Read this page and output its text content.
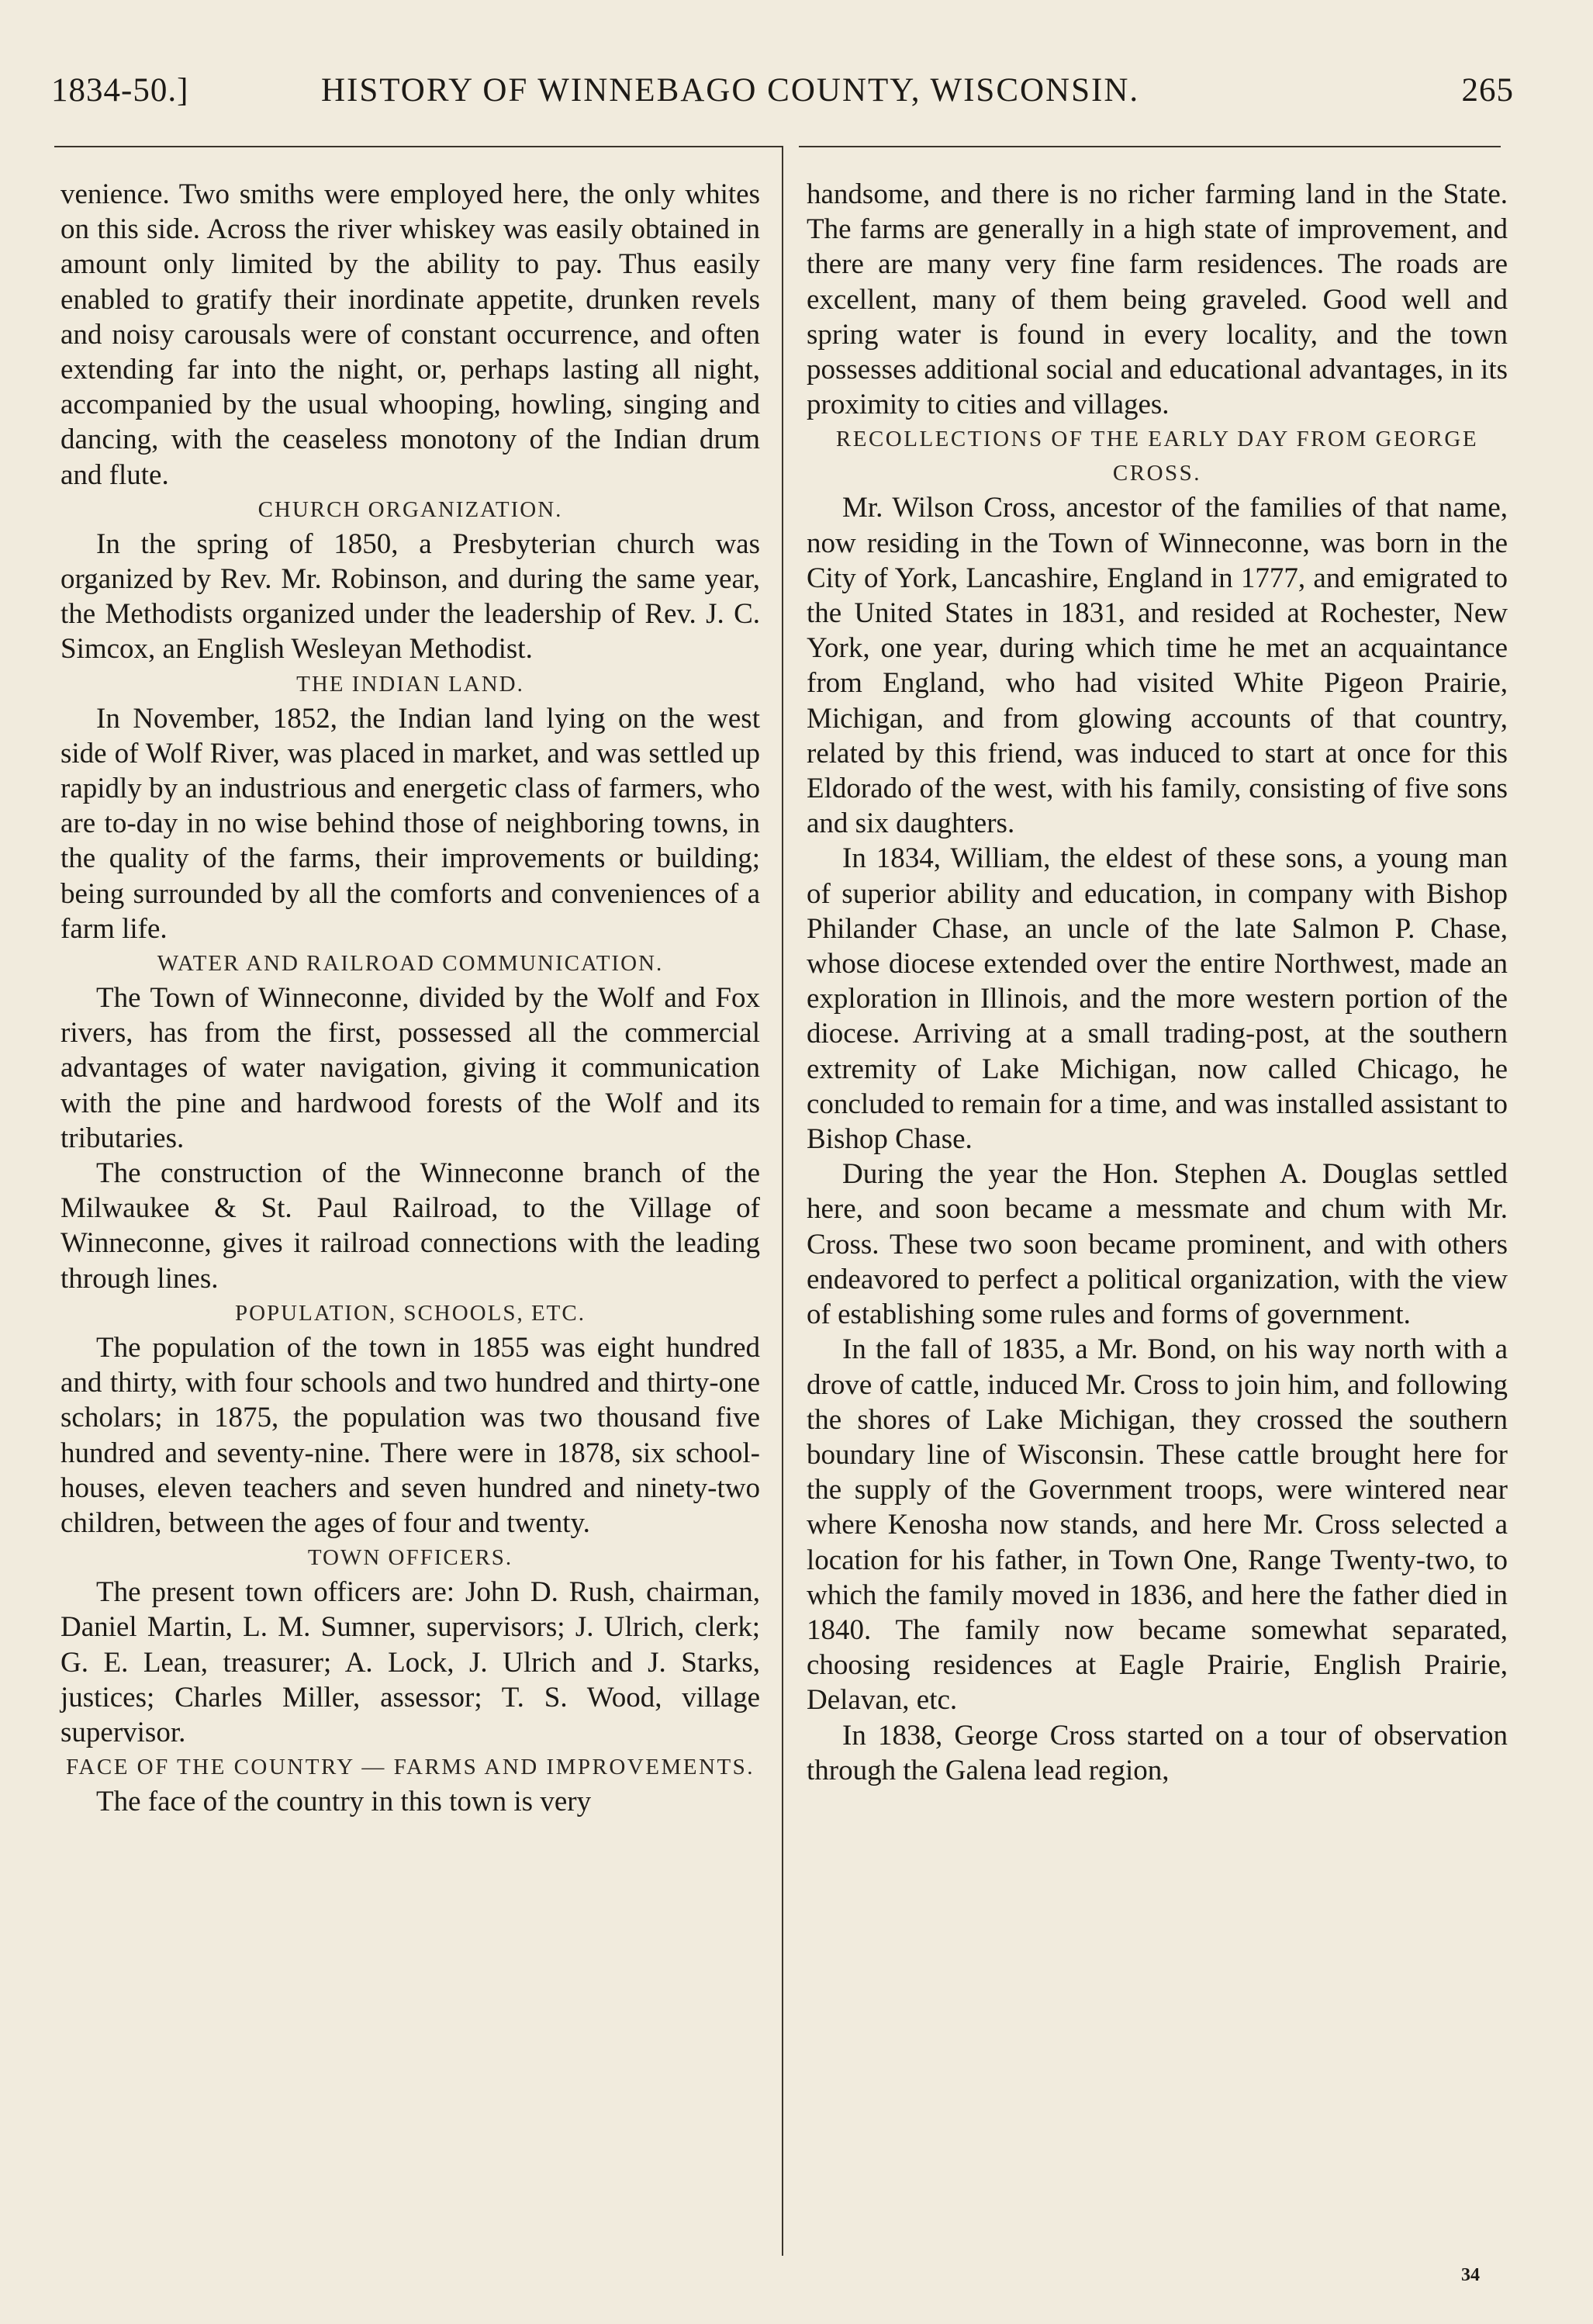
1834-50.]	HISTORY OF WINNEBAGO COUNTY, WISCONSIN.	265

venience. Two smiths were employed here, the only whites on this side. Across the river whiskey was easily obtained in amount only limited by the ability to pay. Thus easily enabled to gratify their inordinate appetite, drunken revels and noisy carousals were of constant occurrence, and often extending far into the night, or, perhaps lasting all night, accompanied by the usual whooping, howling, singing and dancing, with the ceaseless monotony of the Indian drum and flute.

CHURCH ORGANIZATION.

In the spring of 1850, a Presbyterian church was organized by Rev. Mr. Robinson, and during the same year, the Methodists organized under the leadership of Rev. J. C. Simcox, an English Wesleyan Methodist.

THE INDIAN LAND.

In November, 1852, the Indian land lying on the west side of Wolf River, was placed in market, and was settled up rapidly by an industrious and energetic class of farmers, who are to-day in no wise behind those of neighboring towns, in the quality of the farms, their improvements or building; being surrounded by all the comforts and conveniences of a farm life.

WATER AND RAILROAD COMMUNICATION.

The Town of Winneconne, divided by the Wolf and Fox rivers, has from the first, possessed all the commercial advantages of water navigation, giving it communication with the pine and hardwood forests of the Wolf and its tributaries.

The construction of the Winneconne branch of the Milwaukee & St. Paul Railroad, to the Village of Winneconne, gives it railroad connections with the leading through lines.

POPULATION, SCHOOLS, ETC.

The population of the town in 1855 was eight hundred and thirty, with four schools and two hundred and thirty-one scholars; in 1875, the population was two thousand five hundred and seventy-nine. There were in 1878, six school-houses, eleven teachers and seven hundred and ninety-two children, between the ages of four and twenty.

TOWN OFFICERS.

The present town officers are: John D. Rush, chairman, Daniel Martin, L. M. Sumner, supervisors; J. Ulrich, clerk; G. E. Lean, treasurer; A. Lock, J. Ulrich and J. Starks, justices; Charles Miller, assessor; T. S. Wood, village supervisor.

FACE OF THE COUNTRY — FARMS AND IMPROVEMENTS.

The face of the country in this town is very

handsome, and there is no richer farming land in the State. The farms are generally in a high state of improvement, and there are many very fine farm residences. The roads are excellent, many of them being graveled. Good well and spring water is found in every locality, and the town possesses additional social and educational advantages, in its proximity to cities and villages.

RECOLLECTIONS OF THE EARLY DAY FROM GEORGE CROSS.

Mr. Wilson Cross, ancestor of the families of that name, now residing in the Town of Winneconne, was born in the City of York, Lancashire, England in 1777, and emigrated to the United States in 1831, and resided at Rochester, New York, one year, during which time he met an acquaintance from England, who had visited White Pigeon Prairie, Michigan, and from glowing accounts of that country, related by this friend, was induced to start at once for this Eldorado of the west, with his family, consisting of five sons and six daughters.

In 1834, William, the eldest of these sons, a young man of superior ability and education, in company with Bishop Philander Chase, an uncle of the late Salmon P. Chase, whose diocese extended over the entire Northwest, made an exploration in Illinois, and the more western portion of the diocese. Arriving at a small trading-post, at the southern extremity of Lake Michigan, now called Chicago, he concluded to remain for a time, and was installed assistant to Bishop Chase.

During the year the Hon. Stephen A. Douglas settled here, and soon became a messmate and chum with Mr. Cross. These two soon became prominent, and with others endeavored to perfect a political organization, with the view of establishing some rules and forms of government.

In the fall of 1835, a Mr. Bond, on his way north with a drove of cattle, induced Mr. Cross to join him, and following the shores of Lake Michigan, they crossed the southern boundary line of Wisconsin. These cattle brought here for the supply of the Government troops, were wintered near where Kenosha now stands, and here Mr. Cross selected a location for his father, in Town One, Range Twenty-two, to which the family moved in 1836, and here the father died in 1840. The family now became somewhat separated, choosing residences at Eagle Prairie, English Prairie, Delavan, etc.

In 1838, George Cross started on a tour of observation through the Galena lead region,

34
